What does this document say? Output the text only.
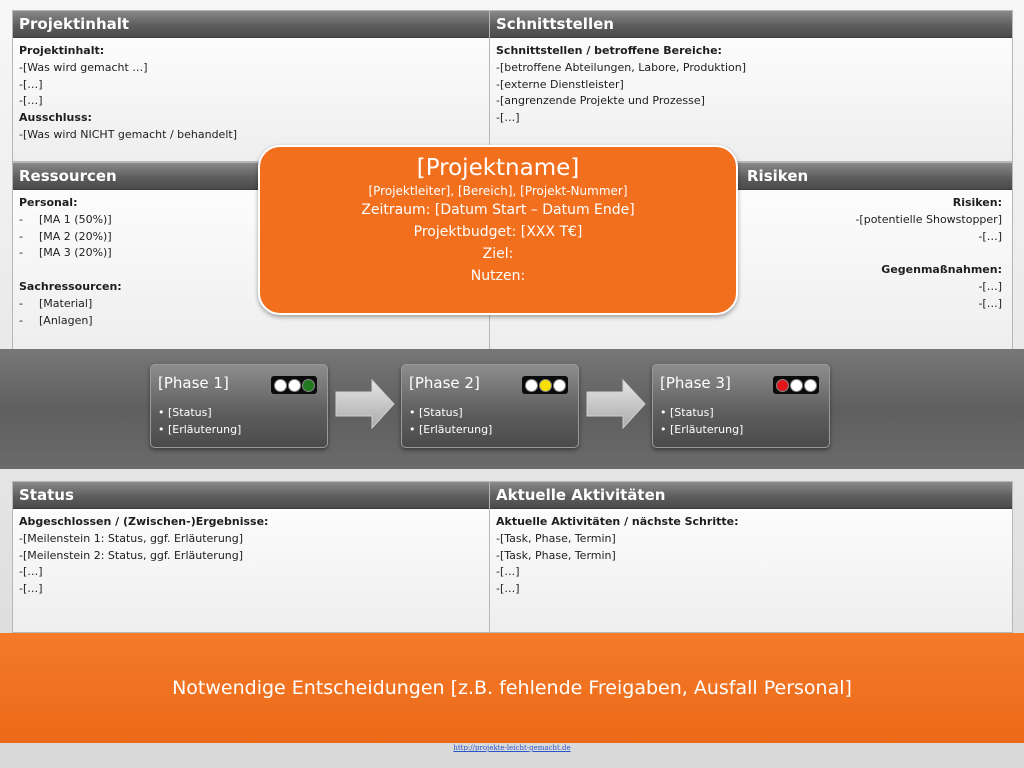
Projektinhalt
Projektinhalt:
-[Was wird gemacht …]
-[…]
-[…]
Ausschluss:
-[Was wird NICHT gemacht / behandelt]
Schnittstellen
Schnittstellen / betroffene Bereiche:
-[betroffene Abteilungen, Labore, Produktion]
-[externe Dienstleister]
-[angrenzende Projekte und Prozesse]
-[…]
Ressourcen
Personal:
-	[MA 1 (50%)]
-	[MA 2 (20%)]
-	[MA 3 (20%)]
Sachressourcen:
-	[Material]
-	[Anlagen]
Risiken
Risiken:
-[potentielle Showstopper]
-[…]
Gegenmaßnahmen:
-[…]
-[…]
[Phase 1]
• [Status]
• [Erläuterung]
[Phase 2]
• [Status]
• [Erläuterung]
[Phase 3]
• [Status]
• [Erläuterung]
Status
Abgeschlossen / (Zwischen-)Ergebnisse:
-[Meilenstein 1: Status, ggf. Erläuterung]
-[Meilenstein 2: Status, ggf. Erläuterung]
-[…]
-[…]
Aktuelle Aktivitäten
Aktuelle Aktivitäten / nächste Schritte:
-[Task, Phase, Termin]
-[Task, Phase, Termin]
-[…]
-[…]
[Projektname]
[Projektleiter], [Bereich], [Projekt-Nummer]
Zeitraum: [Datum Start – Datum Ende]
Projektbudget: [XXX T€]
Ziel:
Nutzen:
Notwendige Entscheidungen [z.B. fehlende Freigaben, Ausfall Personal]
http://projekte-leicht-gemacht.de
